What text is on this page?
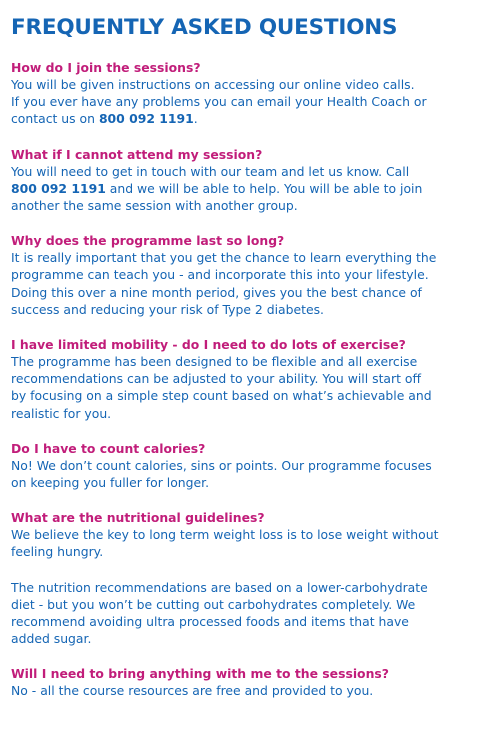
FREQUENTLY ASKED QUESTIONS

How do I join the sessions?

You will be given instructions on accessing our online video calls.
If you ever have any problems you can email your Health Coach or
contact us on 800 092 1191.

What if I cannot attend my session?

You will need to get in touch with our team and let us know. Call
800 092 1191 and we will be able to help. You will be able to join
another the same session with another group.

Why does the programme last so long?

It is really important that you get the chance to learn everything the
programme can teach you - and incorporate this into your lifestyle.
Doing this over a nine month period, gives you the best chance of
success and reducing your risk of Type 2 diabetes.

I have limited mobility - do I need to do lots of exercise?

The programme has been designed to be flexible and all exercise
recommendations can be adjusted to your ability. You will start off
by focusing on a simple step count based on what’s achievable and
realistic for you.

Do I have to count calories?

No! We don’t count calories, sins or points. Our programme focuses
on keeping you fuller for longer.

What are the nutritional guidelines?

We believe the key to long term weight loss is to lose weight without
feeling hungry.
The nutrition recommendations are based on a lower-carbohydrate
diet - but you won’t be cutting out carbohydrates completely. We
recommend avoiding ultra processed foods and items that have
added sugar.

Will I need to bring anything with me to the sessions?

No - all the course resources are free and provided to you.
